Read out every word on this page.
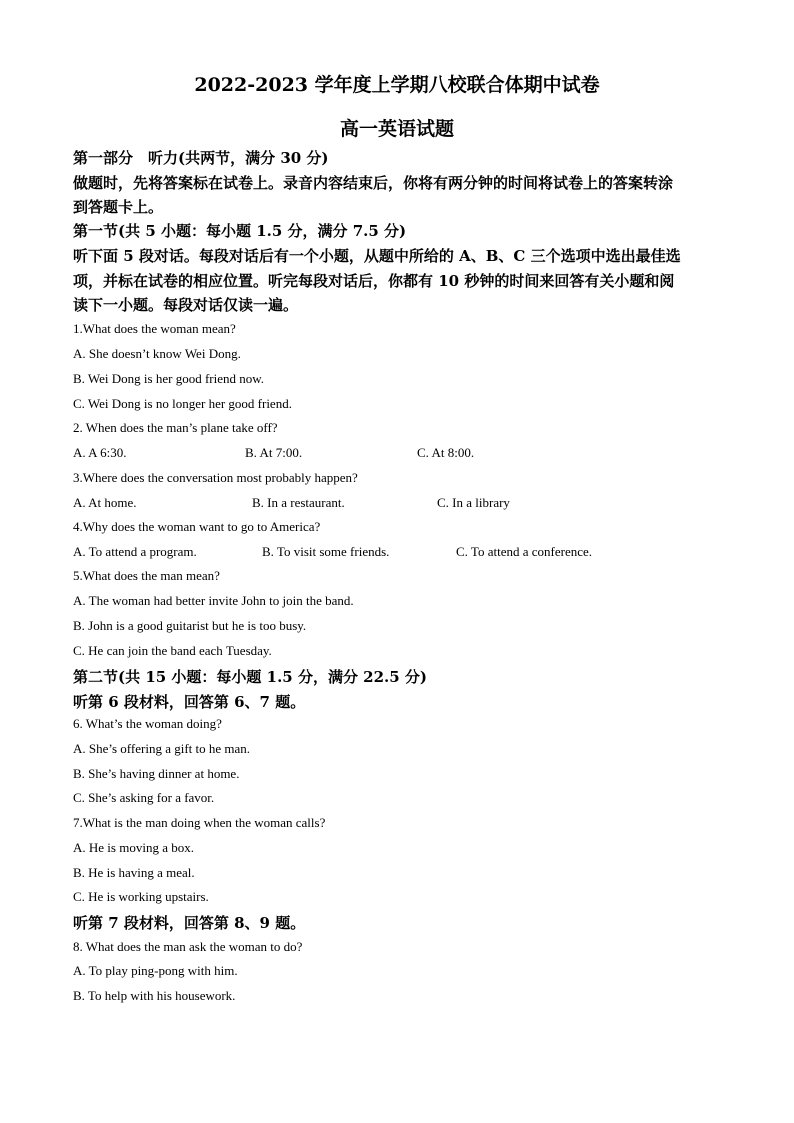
2022-2023 学年度上学期八校联合体期中试卷
高一英语试题
第一部分　听力(共两节，满分 30 分)
做题时，先将答案标在试卷上。录音内容结束后，你将有两分钟的时间将试卷上的答案转涂
到答题卡上。
第一节(共 5 小题：每小题 1.5 分，满分 7.5 分)
听下面 5 段对话。每段对话后有一个小题，从题中所给的 A、B、C 三个选项中选出最佳选
项，并标在试卷的相应位置。听完每段对话后，你都有 10 秒钟的时间来回答有关小题和阅
读下一小题。每段对话仅读一遍。
1.What does the woman mean?
A. She doesn’t know Wei Dong.
B. Wei Dong is her good friend now.
C. Wei Dong is no longer her good friend.
2. When does the man’s plane take off?
A. A 6:30.	B. At 7:00.	C. At 8:00.
3.Where does the conversation most probably happen?
A. At home.	B. In a restaurant.	C. In a library
4.Why does the woman want to go to America?
A. To attend a program.	B. To visit some friends.	C. To attend a conference.
5.What does the man mean?
A. The woman had better invite John to join the band.
B. John is a good guitarist but he is too busy.
C. He can join the band each Tuesday.
第二节(共 15 小题：每小题 1.5 分，满分 22.5 分)
听第 6 段材料，回答第 6、7 题。
6. What’s the woman doing?
A. She’s offering a gift to he man.
B. She’s having dinner at home.
C. She’s asking for a favor.
7.What is the man doing when the woman calls?
A. He is moving a box.
B. He is having a meal.
C. He is working upstairs.
听第 7 段材料，回答第 8、9 题。
8. What does the man ask the woman to do?
A. To play ping-pong with him.
B. To help with his housework.
